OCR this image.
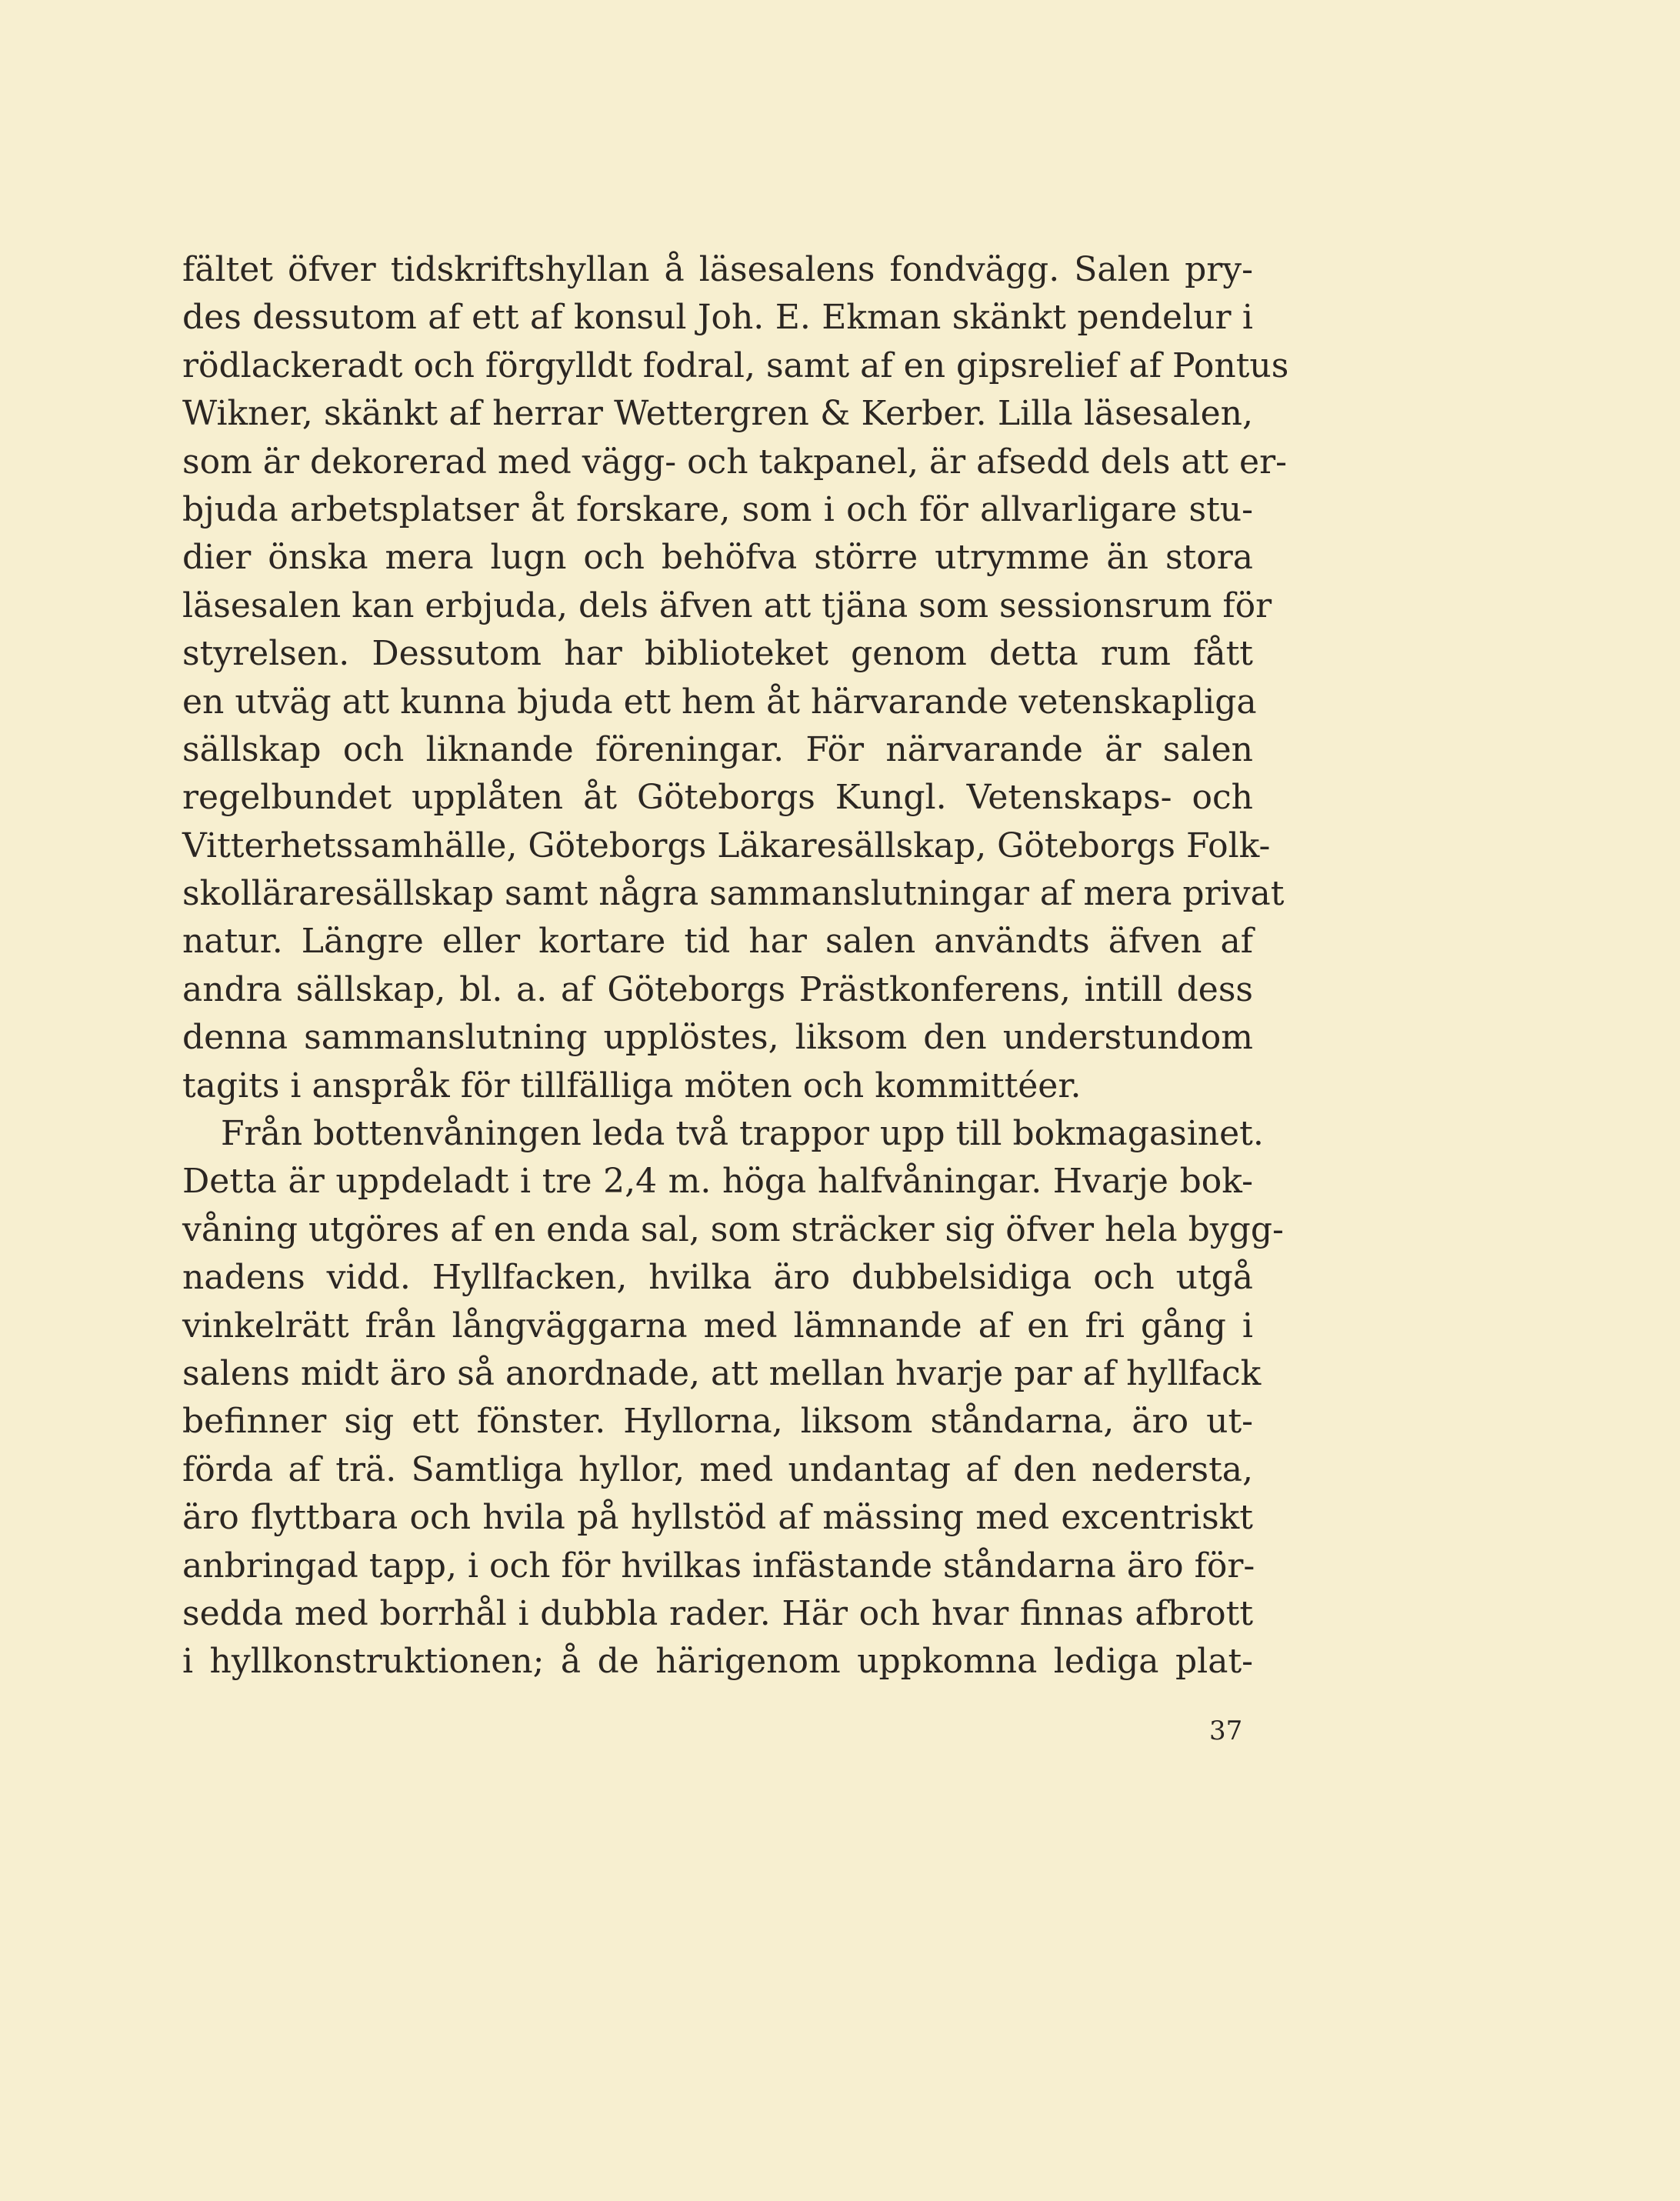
fältet öfver tidskriftshyllan å läsesalens fondvägg. Salen pry-
des dessutom af ett af konsul Joh. E. Ekman skänkt pendelur i
rödlackeradt och förgylldt fodral, samt af en gipsrelief af Pontus
Wikner, skänkt af herrar Wettergren & Kerber. Lilla läsesalen,
som är dekorerad med vägg- och takpanel, är afsedd dels att er-
bjuda arbetsplatser åt forskare, som i och för allvarligare stu-
dier önska mera lugn och behöfva större utrymme än stora
läsesalen kan erbjuda, dels äfven att tjäna som sessionsrum för
styrelsen. Dessutom har biblioteket genom detta rum fått
en utväg att kunna bjuda ett hem åt härvarande vetenskapliga
sällskap och liknande föreningar. För närvarande är salen
regelbundet upplåten åt Göteborgs Kungl. Vetenskaps- och
Vitterhetssamhälle, Göteborgs Läkaresällskap, Göteborgs Folk-
skolläraresällskap samt några sammanslutningar af mera privat
natur. Längre eller kortare tid har salen användts äfven af
andra sällskap, bl. a. af Göteborgs Prästkonferens, intill dess
denna sammanslutning upplöstes, liksom den understundom
tagits i anspråk för tillfälliga möten och kommittéer.
Från bottenvåningen leda två trappor upp till bokmagasinet.
Detta är uppdeladt i tre 2,4 m. höga halfvåningar. Hvarje bok-
våning utgöres af en enda sal, som sträcker sig öfver hela bygg-
nadens vidd. Hyllfacken, hvilka äro dubbelsidiga och utgå
vinkelrätt från långväggarna med lämnande af en fri gång i
salens midt äro så anordnade, att mellan hvarje par af hyllfack
befinner sig ett fönster. Hyllorna, liksom ståndarna, äro ut-
förda af trä. Samtliga hyllor, med undantag af den nedersta,
äro flyttbara och hvila på hyllstöd af mässing med excentriskt
anbringad tapp, i och för hvilkas infästande ståndarna äro för-
sedda med borrhål i dubbla rader. Här och hvar finnas afbrott
i hyllkonstruktionen; å de härigenom uppkomna lediga plat-
37
